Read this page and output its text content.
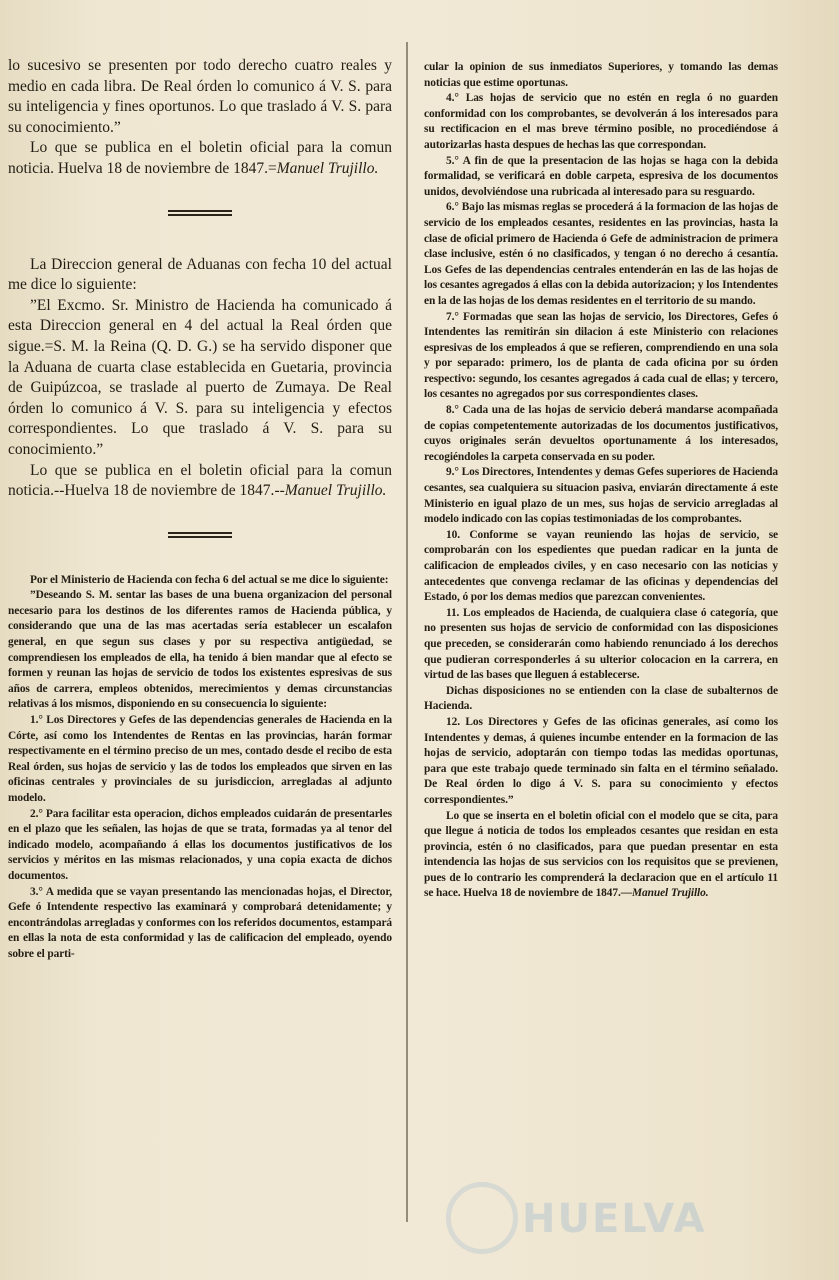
lo sucesivo se presenten por todo derecho cuatro reales y medio en cada libra. De Real órden lo comunico á V. S. para su inteligencia y fines oportunos. Lo que traslado á V. S. para su conocimiento.”

Lo que se publica en el boletin oficial para la comun noticia. Huelva 18 de noviembre de 1847.=Manuel Trujillo.

La Direccion general de Aduanas con fecha 10 del actual me dice lo siguiente:

”El Excmo. Sr. Ministro de Hacienda ha comunicado á esta Direccion general en 4 del actual la Real órden que sigue.=S. M. la Reina (Q. D. G.) se ha servido disponer que la Aduana de cuarta clase establecida en Guetaria, provincia de Guipúzcoa, se traslade al puerto de Zumaya. De Real órden lo comunico á V. S. para su inteligencia y efectos correspondientes. Lo que traslado á V. S. para su conocimiento.”

Lo que se publica en el boletin oficial para la comun noticia.--Huelva 18 de noviembre de 1847.--Manuel Trujillo.

Por el Ministerio de Hacienda con fecha 6 del actual se me dice lo siguiente:

”Deseando S. M. sentar las bases de una buena organizacion del personal necesario para los destinos de los diferentes ramos de Hacienda pública, y considerando que una de las mas acertadas sería establecer un escalafon general, en que segun sus clases y por su respectiva antigüedad, se comprendiesen los empleados de ella, ha tenido á bien mandar que al efecto se formen y reunan las hojas de servicio de todos los existentes espresivas de sus años de carrera, empleos obtenidos, merecimientos y demas circunstancias relativas á los mismos, disponiendo en su consecuencia lo siguiente:

1.° Los Directores y Gefes de las dependencias generales de Hacienda en la Córte, así como los Intendentes de Rentas en las provincias, harán formar respectivamente en el término preciso de un mes, contado desde el recibo de esta Real órden, sus hojas de servicio y las de todos los empleados que sirven en las oficinas centrales y provinciales de su jurisdiccion, arregladas al adjunto modelo.

2.° Para facilitar esta operacion, dichos empleados cuidarán de presentarles en el plazo que les señalen, las hojas de que se trata, formadas ya al tenor del indicado modelo, acompañando á ellas los documentos justificativos de los servicios y méritos en las mismas relacionados, y una copia exacta de dichos documentos.

3.° A medida que se vayan presentando las mencionadas hojas, el Director, Gefe ó Intendente respectivo las examinará y comprobará detenidamente; y encontrándolas arregladas y conformes con los referidos documentos, estampará en ellas la nota de esta conformidad y las de calificacion del empleado, oyendo sobre el parti-

cular la opinion de sus inmediatos Superiores, y tomando las demas noticias que estime oportunas.

4.° Las hojas de servicio que no estén en regla ó no guarden conformidad con los comprobantes, se devolverán á los interesados para su rectificacion en el mas breve término posible, no procediéndose á autorizarlas hasta despues de hechas las que correspondan.

5.° A fin de que la presentacion de las hojas se haga con la debida formalidad, se verificará en doble carpeta, espresiva de los documentos unidos, devolviéndose una rubricada al interesado para su resguardo.

6.° Bajo las mismas reglas se procederá á la formacion de las hojas de servicio de los empleados cesantes, residentes en las provincias, hasta la clase de oficial primero de Hacienda ó Gefe de administracion de primera clase inclusive, estén ó no clasificados, y tengan ó no derecho á cesantía. Los Gefes de las dependencias centrales entenderán en las de las hojas de los cesantes agregados á ellas con la debida autorizacion; y los Intendentes en la de las hojas de los demas residentes en el territorio de su mando.

7.° Formadas que sean las hojas de servicio, los Directores, Gefes ó Intendentes las remitirán sin dilacion á este Ministerio con relaciones espresivas de los empleados á que se refieren, comprendiendo en una sola y por separado: primero, los de planta de cada oficina por su órden respectivo: segundo, los cesantes agregados á cada cual de ellas; y tercero, los cesantes no agregados por sus correspondientes clases.

8.° Cada una de las hojas de servicio deberá mandarse acompañada de copias competentemente autorizadas de los documentos justificativos, cuyos originales serán devueltos oportunamente á los interesados, recogiéndoles la carpeta conservada en su poder.

9.° Los Directores, Intendentes y demas Gefes superiores de Hacienda cesantes, sea cualquiera su situacion pasiva, enviarán directamente á este Ministerio en igual plazo de un mes, sus hojas de servicio arregladas al modelo indicado con las copias testimoniadas de los comprobantes.

10. Conforme se vayan reuniendo las hojas de servicio, se comprobarán con los espedientes que puedan radicar en la junta de calificacion de empleados civiles, y en caso necesario con las noticias y antecedentes que convenga reclamar de las oficinas y dependencias del Estado, ó por los demas medios que parezcan convenientes.

11. Los empleados de Hacienda, de cualquiera clase ó categoría, que no presenten sus hojas de servicio de conformidad con las disposiciones que preceden, se considerarán como habiendo renunciado á los derechos que pudieran corresponderles á su ulterior colocacion en la carrera, en virtud de las bases que lleguen á establecerse.

Dichas disposiciones no se entienden con la clase de subalternos de Hacienda.

12. Los Directores y Gefes de las oficinas generales, así como los Intendentes y demas, á quienes incumbe entender en la formacion de las hojas de servicio, adoptarán con tiempo todas las medidas oportunas, para que este trabajo quede terminado sin falta en el término señalado. De Real órden lo digo á V. S. para su conocimiento y efectos correspondientes.”

Lo que se inserta en el boletin oficial con el modelo que se cita, para que llegue á noticia de todos los empleados cesantes que residan en esta provincia, estén ó no clasificados, para que puedan presentar en esta intendencia las hojas de sus servicios con los requisitos que se previenen, pues de lo contrario les comprenderá la declaracion que en el artículo 11 se hace. Huelva 18 de noviembre de 1847.—Manuel Trujillo.

HUELVA
